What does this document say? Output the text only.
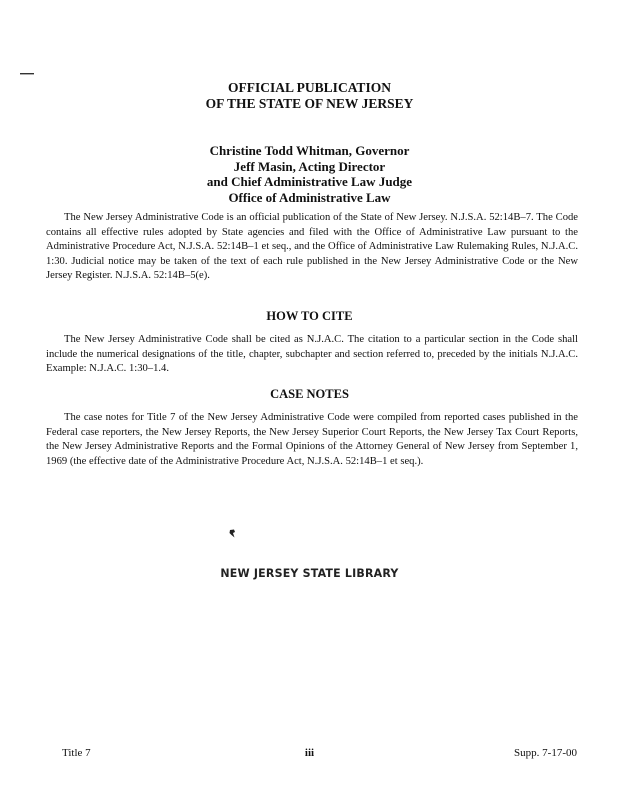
OFFICIAL PUBLICATION
OF THE STATE OF NEW JERSEY
Christine Todd Whitman, Governor
Jeff Masin, Acting Director
and Chief Administrative Law Judge
Office of Administrative Law

The New Jersey Administrative Code is an official publication of the State of New Jersey. N.J.S.A. 52:14B–7. The Code contains all effective rules adopted by State agencies and filed with the Office of Administrative Law pursuant to the Administrative Procedure Act, N.J.S.A. 52:14B–1 et seq., and the Office of Administrative Law Rulemaking Rules, N.J.A.C. 1:30. Judicial notice may be taken of the text of each rule published in the New Jersey Administrative Code or the New Jersey Register. N.J.S.A. 52:14B–5(e).

HOW TO CITE

The New Jersey Administrative Code shall be cited as N.J.A.C. The citation to a particular section in the Code shall include the numerical designations of the title, chapter, subchapter and section referred to, preceded by the initials N.J.A.C. Example: N.J.A.C. 1:30–1.4.

CASE NOTES

The case notes for Title 7 of the New Jersey Administrative Code were compiled from reported cases published in the Federal case reporters, the New Jersey Reports, the New Jersey Superior Court Reports, the New Jersey Tax Court Reports, the New Jersey Administrative Reports and the Formal Opinions of the Attorney General of New Jersey from September 1, 1969 (the effective date of the Administrative Procedure Act, N.J.S.A. 52:14B–1 et seq.).

NEW JERSEY STATE LIBRARY
Title 7	iii	Supp. 7-17-00
